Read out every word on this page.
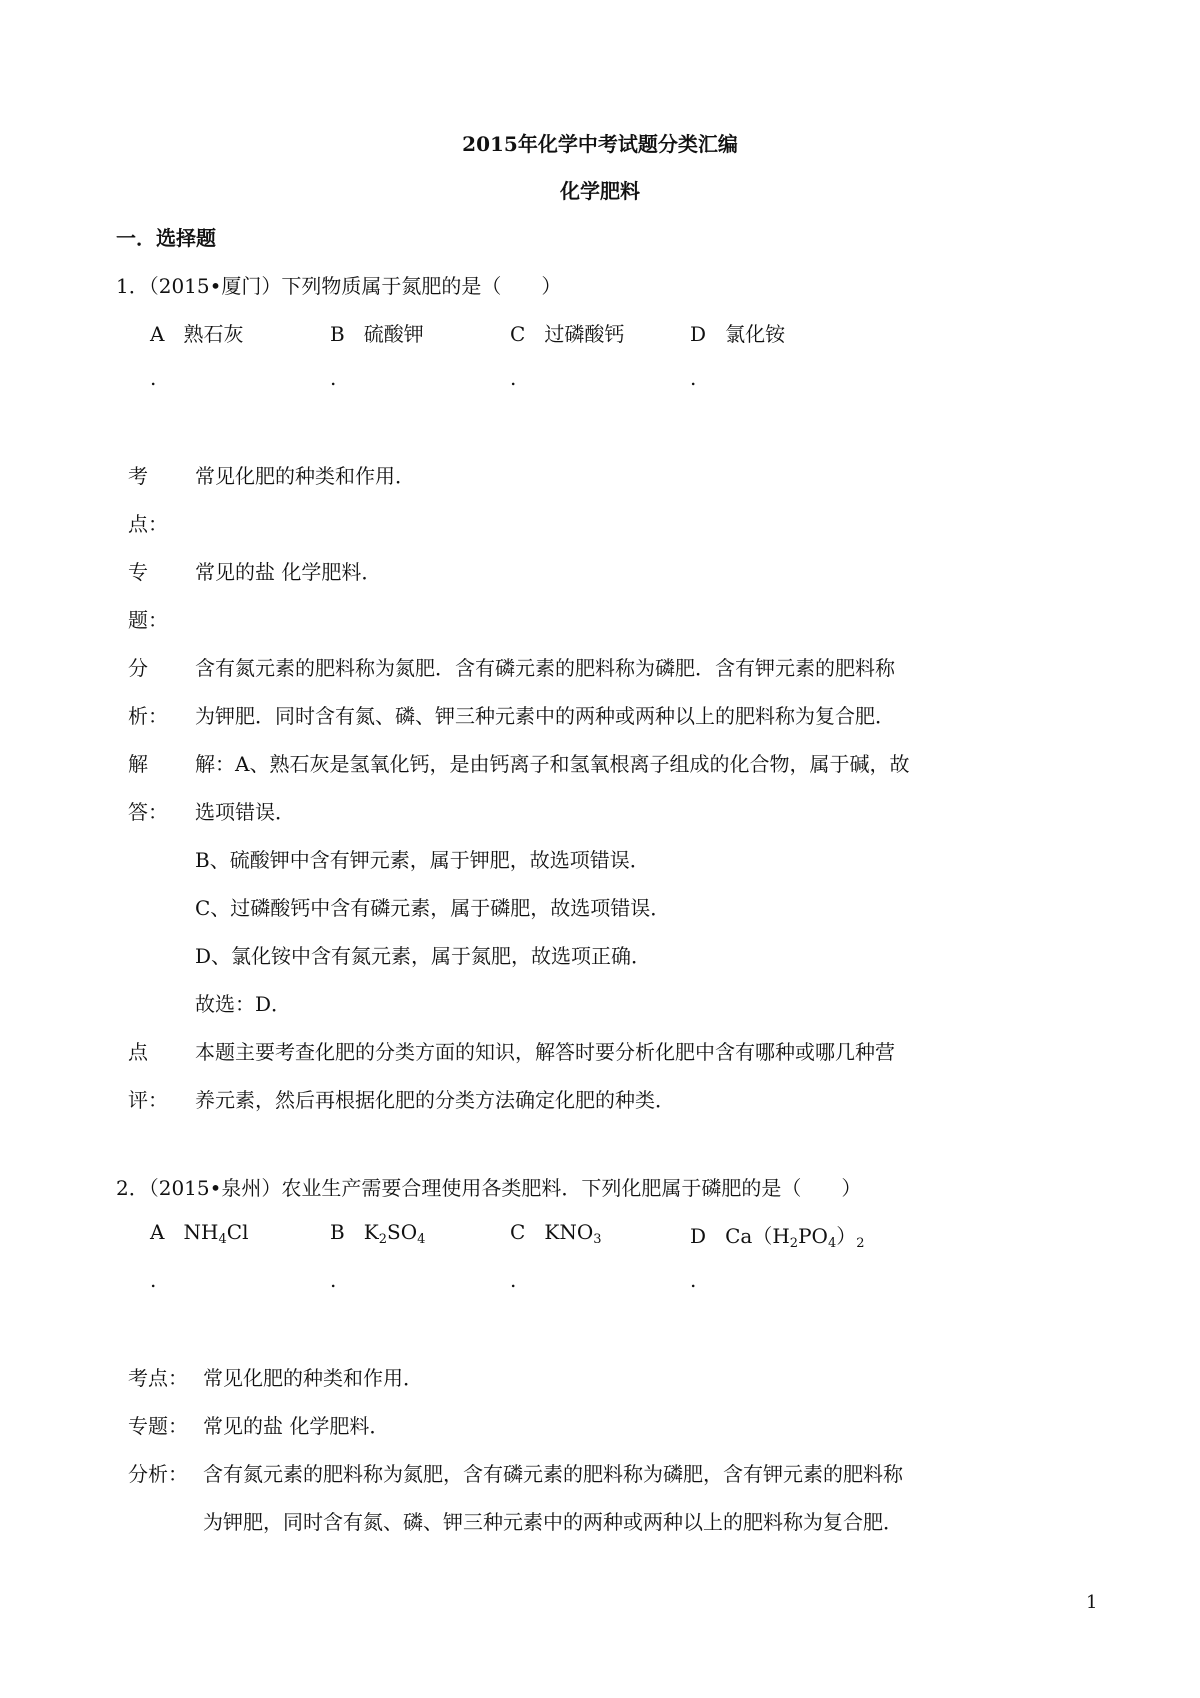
2015年化学中考试题分类汇编
化学肥料
一．选择题
1．（2015•厦门）下列物质属于氮肥的是（　　）
A 熟石灰	B 硫酸钾	C 过磷酸钙	D 氯化铵
.	.	.	.
考
点：
常见化肥的种类和作用．
专
题：
常见的盐 化学肥料．
分
析：
含有氮元素的肥料称为氮肥．含有磷元素的肥料称为磷肥．含有钾元素的肥料称
为钾肥．同时含有氮、磷、钾三种元素中的两种或两种以上的肥料称为复合肥．
解
答：
解：A、熟石灰是氢氧化钙，是由钙离子和氢氧根离子组成的化合物，属于碱，故
选项错误．
B、硫酸钾中含有钾元素，属于钾肥，故选项错误．
C、过磷酸钙中含有磷元素，属于磷肥，故选项错误．
D、氯化铵中含有氮元素，属于氮肥，故选项正确．
故选：D．
点
评：
本题主要考查化肥的分类方面的知识，解答时要分析化肥中含有哪种或哪几种营
养元素，然后再根据化肥的分类方法确定化肥的种类．
2．（2015•泉州）农业生产需要合理使用各类肥料．下列化肥属于磷肥的是（　　）
A $NH_4Cl$	B $K_2SO_4$	C $KNO_3$	D $Ca(H_2PO_4)_2$
.	.	.	.
考点： 常见化肥的种类和作用．
专题： 常见的盐 化学肥料．
分析： 含有氮元素的肥料称为氮肥，含有磷元素的肥料称为磷肥，含有钾元素的肥料称
为钾肥，同时含有氮、磷、钾三种元素中的两种或两种以上的肥料称为复合肥．
1
